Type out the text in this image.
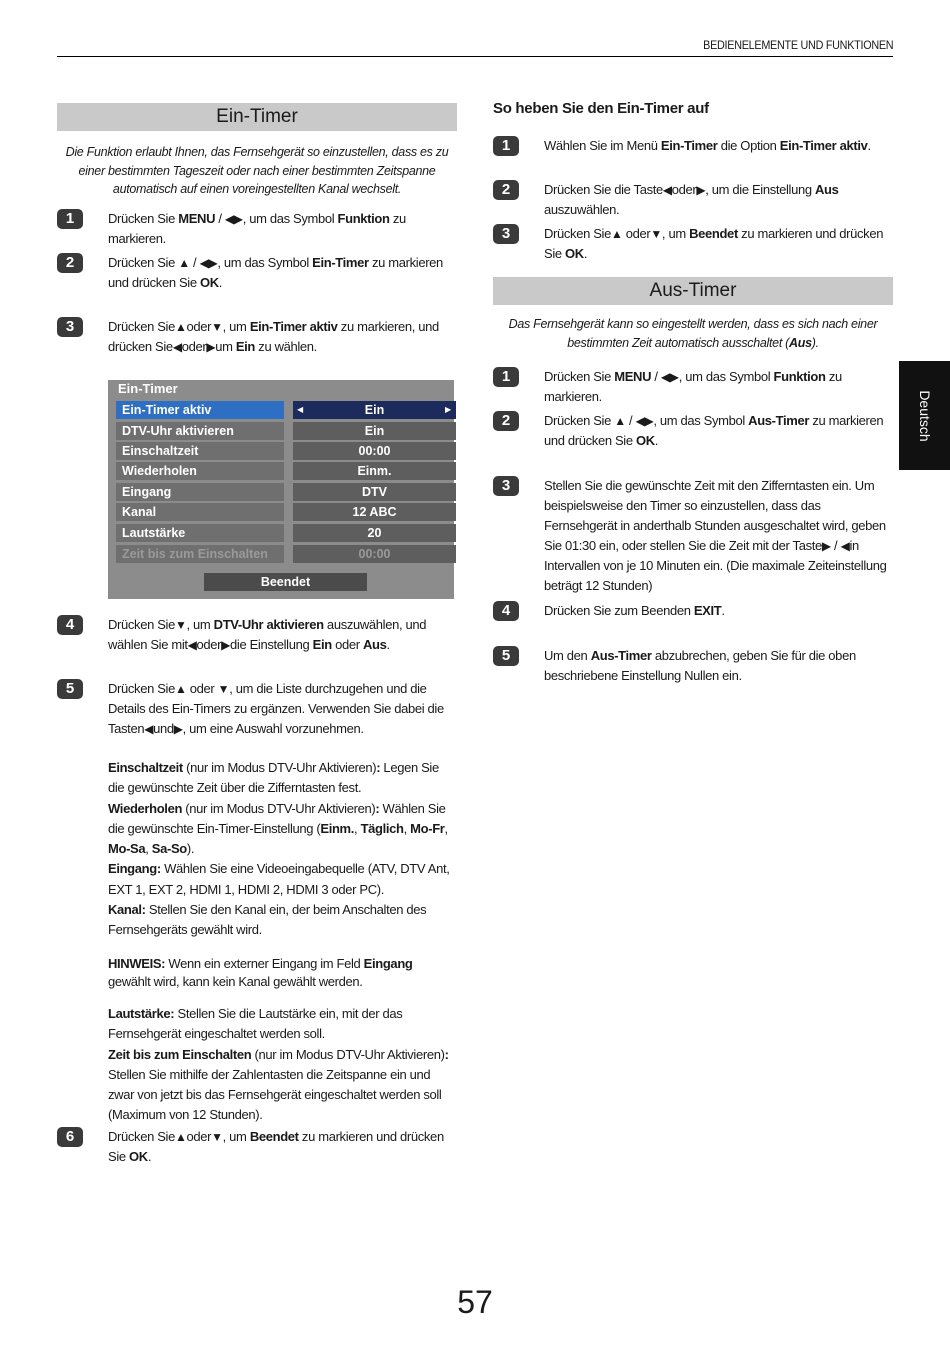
BEDIENELEMENTE UND FUNKTIONEN
Ein-Timer
Die Funktion erlaubt Ihnen, das Fernsehgerät so einzustellen, dass es zu einer bestimmten Tageszeit oder nach einer bestimmten Zeitspanne automatisch auf einen voreingestellten Kanal wechselt.
1	Drücken Sie MENU / ◀▶, um das Symbol Funktion zu markieren.
2	Drücken Sie ▲ / ◀▶, um das Symbol Ein-Timer zu markieren und drücken Sie OK.
3	Drücken Sie▲oder▼, um Ein-Timer aktiv zu markieren, und drücken Sie◀oder▶um Ein zu wählen.
4	Drücken Sie▼, um DTV-Uhr aktivieren auszuwählen, und wählen Sie mit◀oder▶die Einstellung Ein oder Aus.
5	Drücken Sie▲ oder ▼, um die Liste durchzugehen und die Details des Ein-Timers zu ergänzen. Verwenden Sie dabei die Tasten◀und▶, um eine Auswahl vorzunehmen.
Einschaltzeit (nur im Modus DTV-Uhr Aktivieren): Legen Sie die gewünschte Zeit über die Zifferntasten fest.
Wiederholen (nur im Modus DTV-Uhr Aktivieren): Wählen Sie die gewünschte Ein-Timer-Einstellung (Einm., Täglich, Mo-Fr, Mo-Sa, Sa-So).
Eingang: Wählen Sie eine Videoeingabequelle (ATV, DTV Ant, EXT 1, EXT 2, HDMI 1, HDMI 2, HDMI 3 oder PC).
Kanal: Stellen Sie den Kanal ein, der beim Anschalten des Fernsehgeräts gewählt wird.
HINWEIS: Wenn ein externer Eingang im Feld Eingang gewählt wird, kann kein Kanal gewählt werden.
Lautstärke: Stellen Sie die Lautstärke ein, mit der das Fernsehgerät eingeschaltet werden soll.
Zeit bis zum Einschalten (nur im Modus DTV-Uhr Aktivieren): Stellen Sie mithilfe der Zahlentasten die Zeitspanne ein und zwar von jetzt bis das Fernsehgerät eingeschaltet werden soll (Maximum von 12 Stunden).
6	Drücken Sie▲oder▼, um Beendet zu markieren und drücken Sie OK.
Ein-Timer
Ein-Timer aktiv	Ein
◀	▶
DTV-Uhr aktivieren	Ein
Einschaltzeit	00:00
Wiederholen	Einm.
Eingang	DTV
Kanal	12 ABC
Lautstärke	20
Zeit bis zum Einschalten	00:00
Beendet
So heben Sie den Ein-Timer auf
1	Wählen Sie im Menü Ein-Timer die Option Ein-Timer aktiv.
2	Drücken Sie die Taste◀oder▶, um die Einstellung Aus auszuwählen.
3	Drücken Sie▲ oder▼, um Beendet zu markieren und drücken Sie OK.
Aus-Timer
Das Fernsehgerät kann so eingestellt werden, dass es sich nach einer bestimmten Zeit automatisch ausschaltet (Aus).
1	Drücken Sie MENU / ◀▶, um das Symbol Funktion zu markieren.
2	Drücken Sie ▲ / ◀▶, um das Symbol Aus-Timer zu markieren und drücken Sie OK.
3	Stellen Sie die gewünschte Zeit mit den Zifferntasten ein. Um beispielsweise den Timer so einzustellen, dass das Fernsehgerät in anderthalb Stunden ausgeschaltet wird, geben Sie 01:30 ein, oder stellen Sie die Zeit mit der Taste▶ / ◀in Intervallen von je 10 Minuten ein. (Die maximale Zeiteinstellung beträgt 12 Stunden)
4	Drücken Sie zum Beenden EXIT.
5	Um den Aus-Timer abzubrechen, geben Sie für die oben beschriebene Einstellung Nullen ein.
Deutsch
57
